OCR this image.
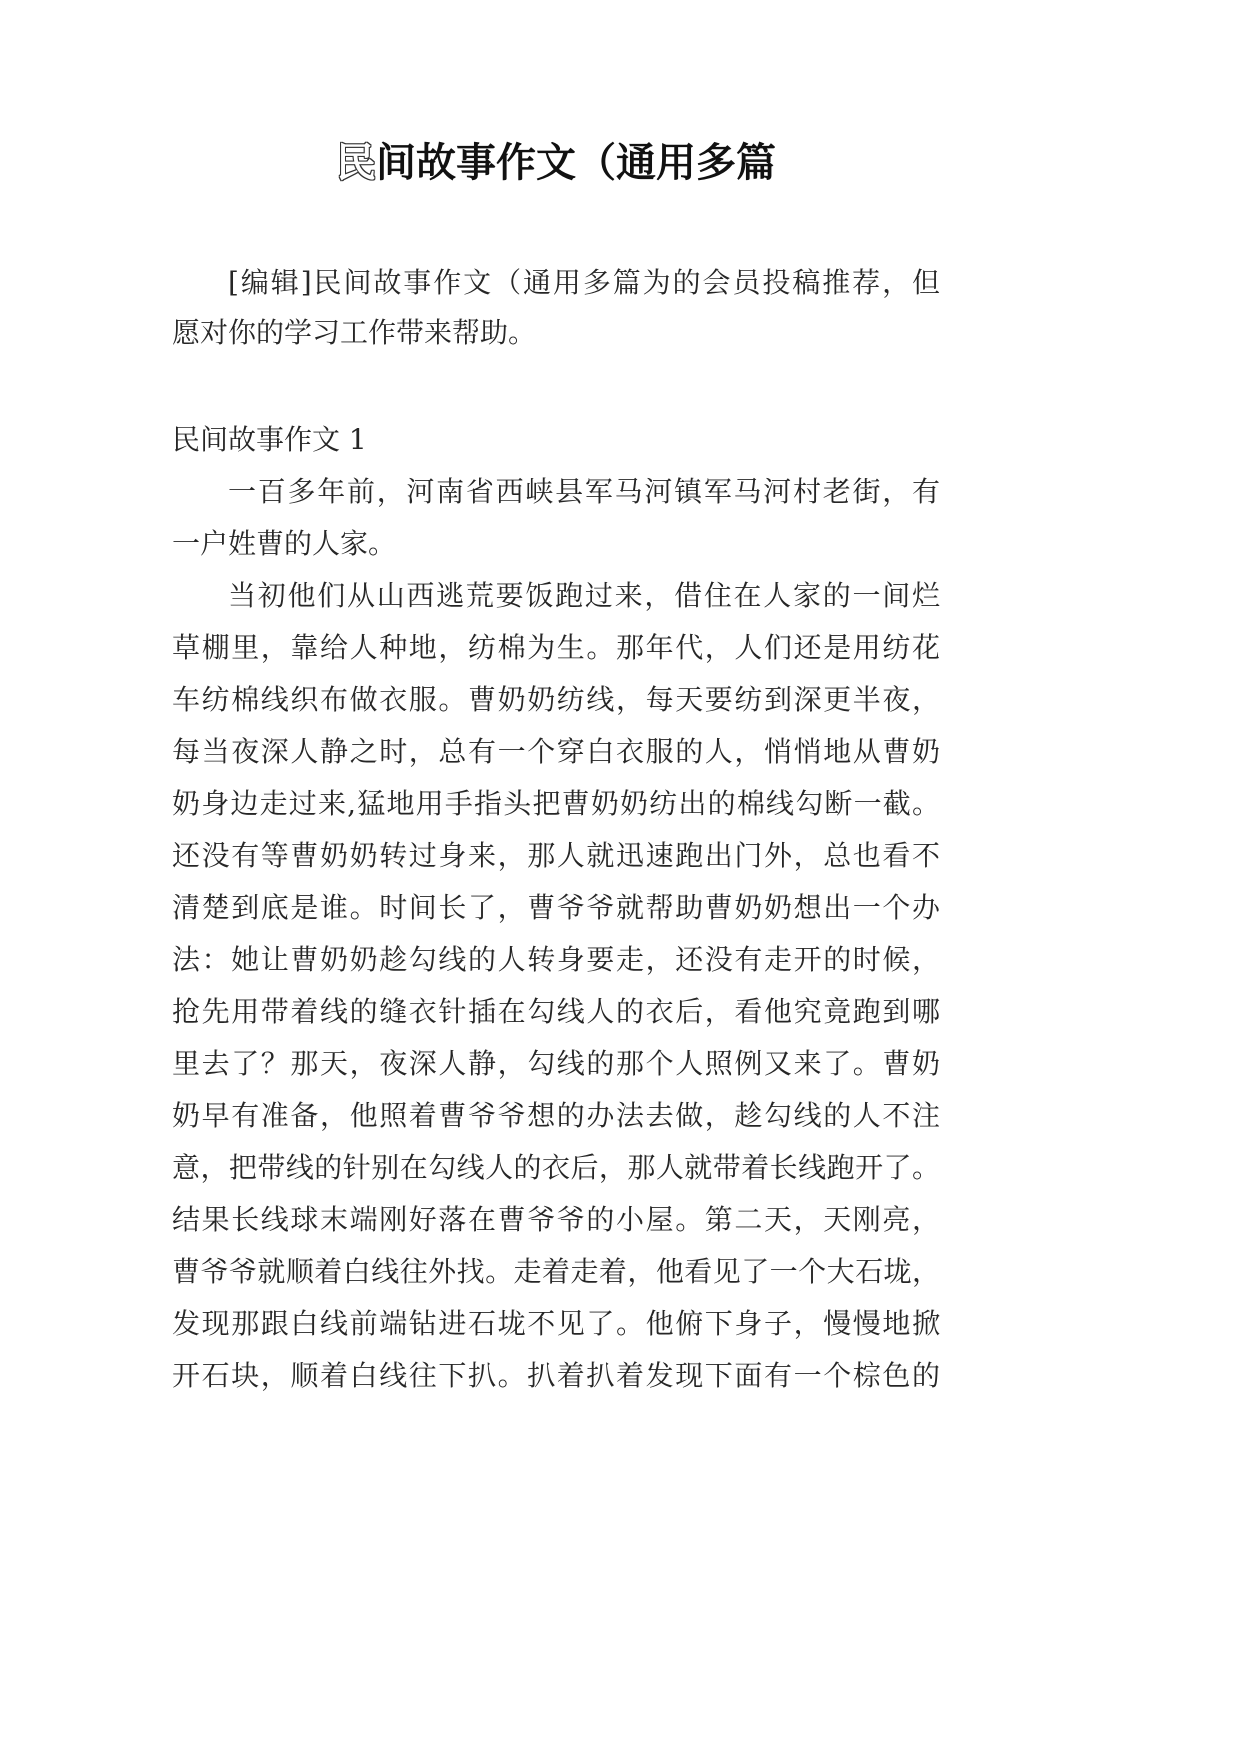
民间故事作文（通用多篇
[编辑]民间故事作文（通用多篇为的会员投稿推荐，但
愿对你的学习工作带来帮助。
民间故事作文 1
一百多年前，河南省西峡县军马河镇军马河村老街，有
一户姓曹的人家。
当初他们从山西逃荒要饭跑过来，借住在人家的一间烂
草棚里，靠给人种地，纺棉为生。那年代，人们还是用纺花
车纺棉线织布做衣服。曹奶奶纺线，每天要纺到深更半夜，
每当夜深人静之时，总有一个穿白衣服的人，悄悄地从曹奶
奶身边走过来,猛地用手指头把曹奶奶纺出的棉线勾断一截。
还没有等曹奶奶转过身来，那人就迅速跑出门外，总也看不
清楚到底是谁。时间长了，曹爷爷就帮助曹奶奶想出一个办
法：她让曹奶奶趁勾线的人转身要走，还没有走开的时候，
抢先用带着线的缝衣针插在勾线人的衣后，看他究竟跑到哪
里去了？那天，夜深人静，勾线的那个人照例又来了。曹奶
奶早有准备，他照着曹爷爷想的办法去做，趁勾线的人不注
意，把带线的针别在勾线人的衣后，那人就带着长线跑开了。
结果长线球末端刚好落在曹爷爷的小屋。第二天，天刚亮，
曹爷爷就顺着白线往外找。走着走着，他看见了一个大石垅，
发现那跟白线前端钻进石垅不见了。他俯下身子，慢慢地掀
开石块，顺着白线往下扒。扒着扒着发现下面有一个棕色的
